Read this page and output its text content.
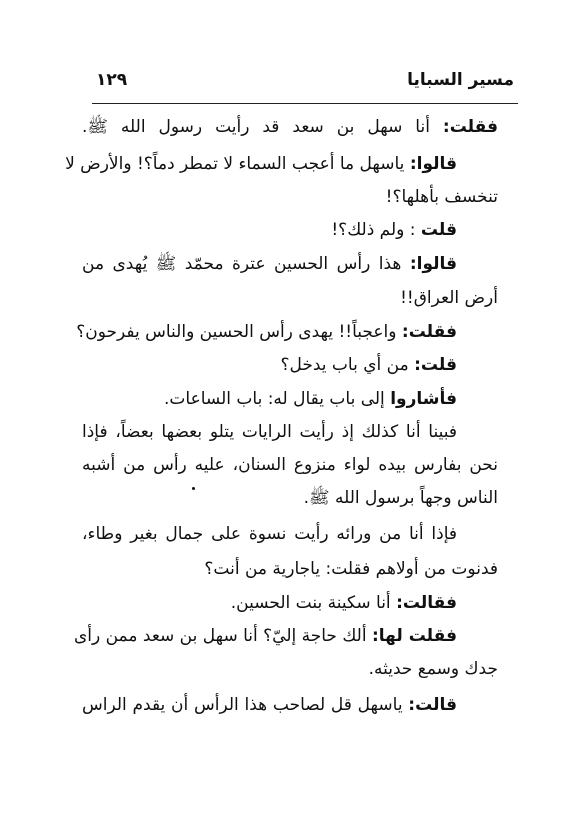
مسير السبايا
١٢٩
فقلت: أنا سهل بن سعد قد رأيت رسول الله ﷺ.
قالوا: ياسهل ما أعجب السماء لا تمطر دماً؟! والأرض لا
تنخسف بأهلها؟!
قلت : ولم ذلك؟!
قالوا: هذا رأس الحسين عترة محمّد ﷺ يُهدى من
أرض العراق!!
فقلت: واعجباً!! يهدى رأس الحسين والناس يفرحون؟
قلت: من أي باب يدخل؟
فأشاروا إلى باب يقال له: باب الساعات.
فبينا أنا كذلك إذ رأيت الرايات يتلو بعضها بعضاً، فإذا
نحن بفارس بيده لواء منزوع السنان، عليه رأس من أشبه
الناس وجهاً برسول الله ﷺ.
فإذا أنا من ورائه رأيت نسوة على جمال بغير وطاء،
فدنوت من أولاهم فقلت: ياجارية من أنت؟
فقالت: أنا سكينة بنت الحسين.
فقلت لها: ألك حاجة إليّ؟ أنا سهل بن سعد ممن رأى
جدك وسمع حديثه.
قالت: ياسهل قل لصاحب هذا الرأس أن يقدم الراس
